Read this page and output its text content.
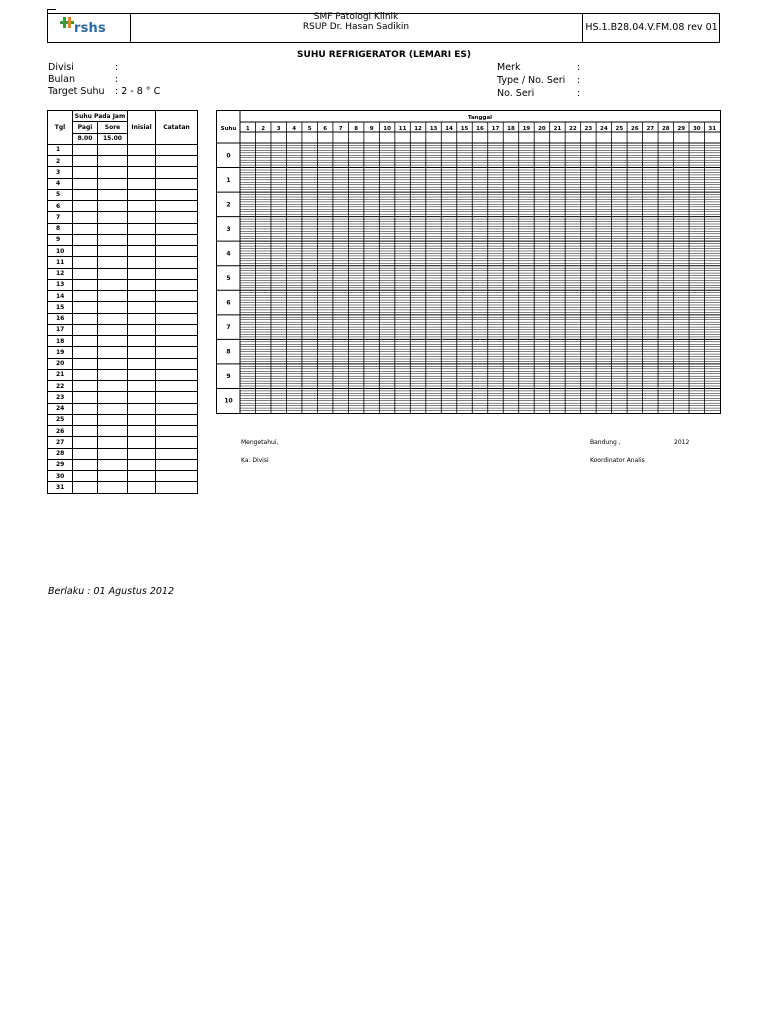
rshs
SMF Patologi Klinik
RSUP Dr. Hasan Sadikin	HS.1.B28.04.V.FM.08 rev 01
SUHU REFRIGERATOR (LEMARI ES)
Divisi	:
Bulan	:
Target Suhu : 2 - 8 ° C
Merk	:
Type / No. Seri :
No. Seri	:
Tgl	Suhu Pada Jam		Inisial	Catatan
	Pagi	Sore		
	8.00	15.00		
1				
2				
3				
4				
5				
6				
7				
8				
9				
10				
11				
12				
13				
14				
15				
16				
17				
18				
19				
20				
21				
22				
23				
24				
25				
26				
27				
28				
29				
30				
31				
Tanggal
Suhu 1 2 3 4 5 6 7 8 9 10 11 12 13 14 15 16 17 18 19 20 21 22 23 24 25 26 27 28 29 30 31
0
1
2
3
4
5
6
7
8
9
10
Mengetahui,
Ka. Divisi
Bandung ,	2012
Koordinator Analis
Berlaku : 01 Agustus 2012
